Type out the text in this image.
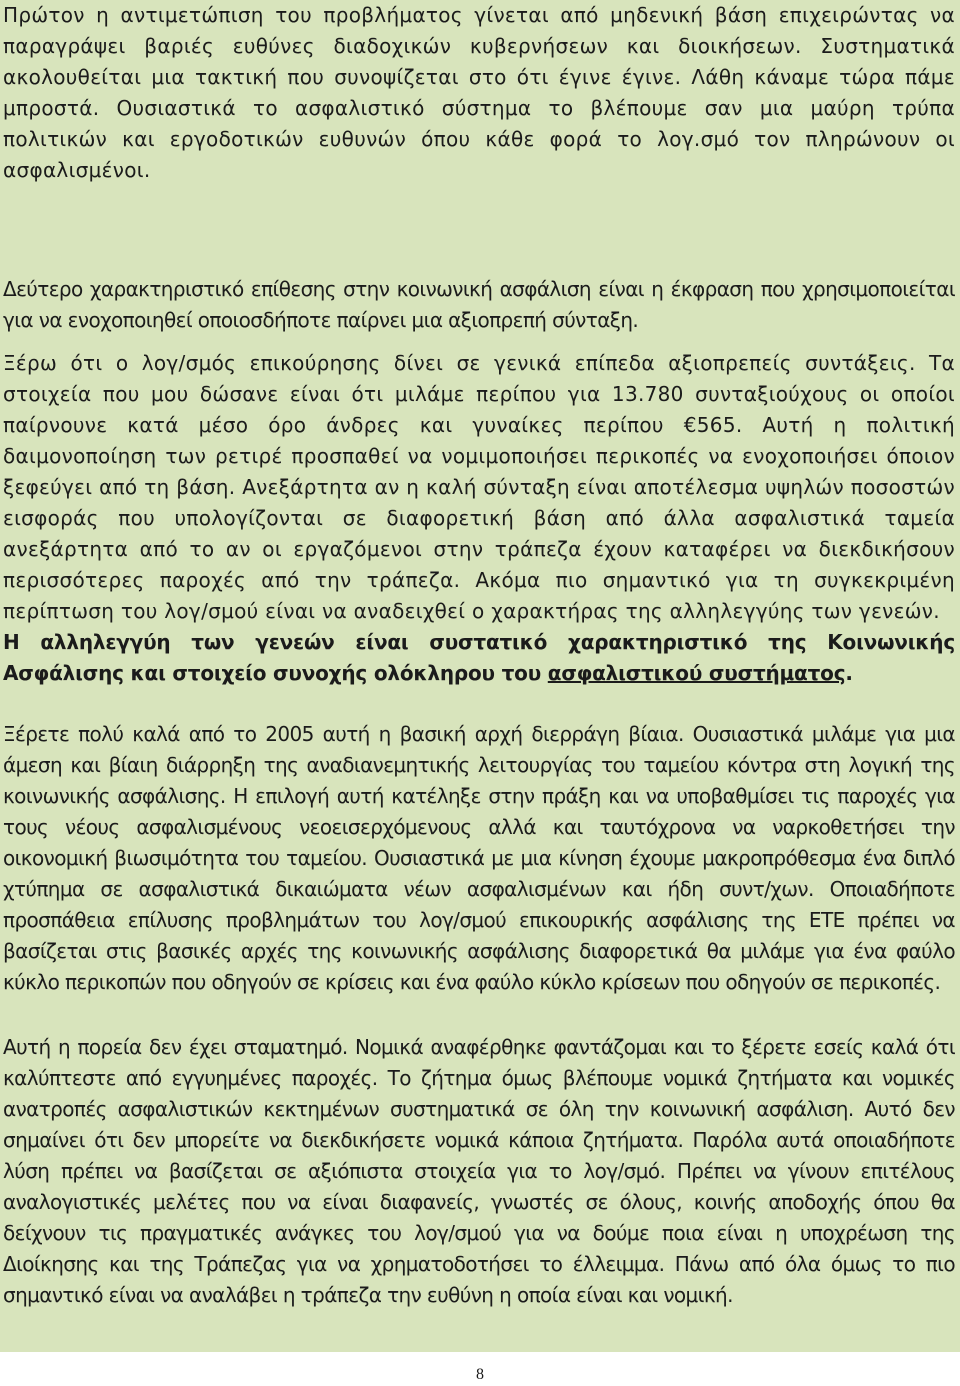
Πρώτον η αντιμετώπιση του προβλήματος γίνεται από μηδενική βάση επιχειρώντας να παραγράψει βαριές ευθύνες διαδοχικών κυβερνήσεων και διοικήσεων. Συστηματικά ακολουθείται μια τακτική που συνοψίζεται στο ότι έγινε έγινε. Λάθη κάναμε τώρα πάμε μπροστά. Ουσιαστικά το ασφαλιστικό σύστημα το βλέπουμε σαν μια μαύρη τρύπα πολιτικών και εργοδοτικών ευθυνών όπου κάθε φορά το λογ.σμό τον πληρώνουν οι ασφαλισμένοι.

Δεύτερο χαρακτηριστικό επίθεσης στην κοινωνική ασφάλιση είναι η έκφραση που χρησιμοποιείται για να ενοχοποιηθεί οποιοσδήποτε παίρνει μια αξιοπρεπή σύνταξη.

Ξέρω ότι ο λογ/σμός επικούρησης δίνει σε γενικά επίπεδα αξιοπρεπείς συντάξεις. Τα στοιχεία που μου δώσανε είναι ότι μιλάμε περίπου για 13.780 συνταξιούχους οι οποίοι παίρνουνε κατά μέσο όρο άνδρες και γυναίκες περίπου €565. Αυτή η πολιτική δαιμονοποίηση των ρετιρέ προσπαθεί να νομιμοποιήσει περικοπές να ενοχοποιήσει όποιον ξεφεύγει από τη βάση. Ανεξάρτητα αν η καλή σύνταξη είναι αποτέλεσμα υψηλών ποσοστών εισφοράς που υπολογίζονται σε διαφορετική βάση από άλλα ασφαλιστικά ταμεία ανεξάρτητα από το αν οι εργαζόμενοι στην τράπεζα έχουν καταφέρει να διεκδικήσουν περισσότερες παροχές από την τράπεζα. Ακόμα πιο σημαντικό για τη συγκεκριμένη περίπτωση του λογ/σμού είναι να αναδειχθεί ο χαρακτήρας της αλληλεγγύης των γενεών.

Η αλληλεγγύη των γενεών είναι συστατικό χαρακτηριστικό της Κοινωνικής Ασφάλισης και στοιχείο συνοχής ολόκληρου του ασφαλιστικού συστήματος.

Ξέρετε πολύ καλά από το 2005 αυτή η βασική αρχή διερράγη βίαια. Ουσιαστικά μιλάμε για μια άμεση και βίαιη διάρρηξη της αναδιανεμητικής λειτουργίας του ταμείου κόντρα στη λογική της κοινωνικής ασφάλισης. Η επιλογή αυτή κατέληξε στην πράξη και να υποβαθμίσει τις παροχές για τους νέους ασφαλισμένους νεοεισερχόμενους αλλά και ταυτόχρονα να ναρκοθετήσει την οικονομική βιωσιμότητα του ταμείου. Ουσιαστικά με μια κίνηση έχουμε μακροπρόθεσμα ένα διπλό χτύπημα σε ασφαλιστικά δικαιώματα νέων ασφαλισμένων και ήδη συντ/χων. Οποιαδήποτε προσπάθεια επίλυσης προβλημάτων του λογ/σμού επικουρικής ασφάλισης της ΕΤΕ πρέπει να βασίζεται στις βασικές αρχές της κοινωνικής ασφάλισης διαφορετικά θα μιλάμε για ένα φαύλο κύκλο περικοπών που οδηγούν σε κρίσεις και ένα φαύλο κύκλο κρίσεων που οδηγούν σε περικοπές.

Αυτή η πορεία δεν έχει σταματημό. Νομικά αναφέρθηκε φαντάζομαι και το ξέρετε εσείς καλά ότι καλύπτεστε από εγγυημένες παροχές. Το ζήτημα όμως βλέπουμε νομικά ζητήματα και νομικές ανατροπές ασφαλιστικών κεκτημένων συστηματικά σε όλη την κοινωνική ασφάλιση. Αυτό δεν σημαίνει ότι δεν μπορείτε να διεκδικήσετε νομικά κάποια ζητήματα. Παρόλα αυτά οποιαδήποτε λύση πρέπει να βασίζεται σε αξιόπιστα στοιχεία για το λογ/σμό. Πρέπει να γίνουν επιτέλους αναλογιστικές μελέτες που να είναι διαφανείς, γνωστές σε όλους, κοινής αποδοχής όπου θα δείχνουν τις πραγματικές ανάγκες του λογ/σμού για να δούμε ποια είναι η υποχρέωση της Διοίκησης και της Τράπεζας για να χρηματοδοτήσει το έλλειμμα. Πάνω από όλα όμως το πιο σημαντικό είναι να αναλάβει η τράπεζα την ευθύνη η οποία είναι και νομική.

8
